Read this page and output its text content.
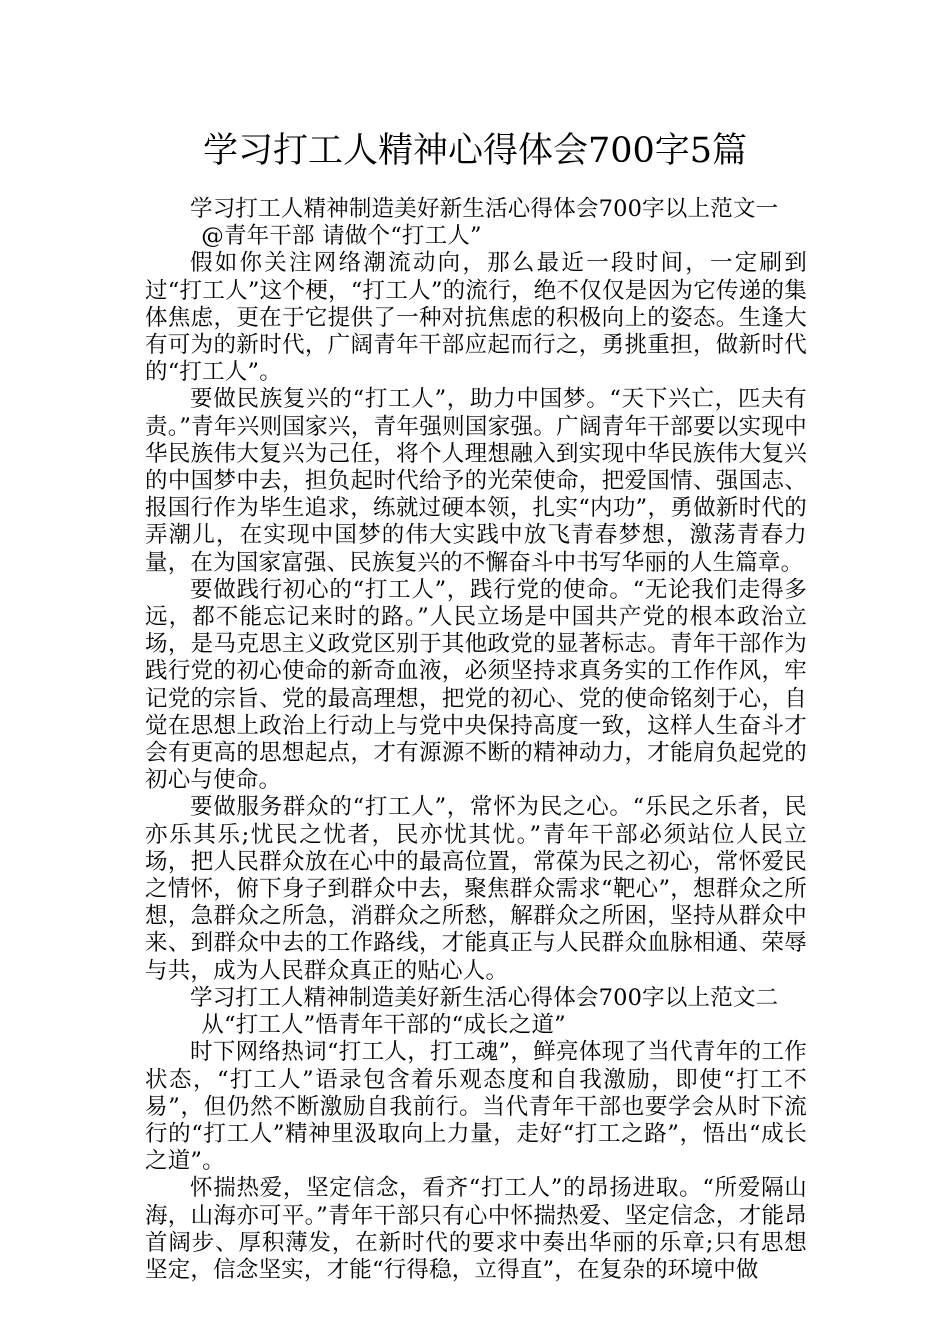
学习打工人精神心得体会700字5篇

学习打工人精神制造美好新生活心得体会700字以上范文一

@青年干部 请做个“打工人”

假如你关注网络潮流动向，那么最近一段时间，一定刷到过“打工人”这个梗，“打工人”的流行，绝不仅仅是因为它传递的集体焦虑，更在于它提供了一种对抗焦虑的积极向上的姿态。生逢大有可为的新时代，广阔青年干部应起而行之，勇挑重担，做新时代的“打工人”。

要做民族复兴的“打工人”，助力中国梦。“天下兴亡，匹夫有责。”青年兴则国家兴，青年强则国家强。广阔青年干部要以实现中华民族伟大复兴为己任，将个人理想融入到实现中华民族伟大复兴的中国梦中去，担负起时代给予的光荣使命，把爱国情、强国志、报国行作为毕生追求，练就过硬本领，扎实“内功”，勇做新时代的弄潮儿，在实现中国梦的伟大实践中放飞青春梦想，激荡青春力量，在为国家富强、民族复兴的不懈奋斗中书写华丽的人生篇章。

要做践行初心的“打工人”，践行党的使命。“无论我们走得多远，都不能忘记来时的路。”人民立场是中国共产党的根本政治立场，是马克思主义政党区别于其他政党的显著标志。青年干部作为践行党的初心使命的新奇血液，必须坚持求真务实的工作作风，牢记党的宗旨、党的最高理想，把党的初心、党的使命铭刻于心，自觉在思想上政治上行动上与党中央保持高度一致，这样人生奋斗才会有更高的思想起点，才有源源不断的精神动力，才能肩负起党的初心与使命。

要做服务群众的“打工人”，常怀为民之心。“乐民之乐者，民亦乐其乐;忧民之忧者，民亦忧其忧。”青年干部必须站位人民立场，把人民群众放在心中的最高位置，常葆为民之初心，常怀爱民之情怀，俯下身子到群众中去，聚焦群众需求“靶心”，想群众之所想，急群众之所急，消群众之所愁，解群众之所困，坚持从群众中来、到群众中去的工作路线，才能真正与人民群众血脉相通、荣辱与共，成为人民群众真正的贴心人。

学习打工人精神制造美好新生活心得体会700字以上范文二

从“打工人”悟青年干部的“成长之道”

时下网络热词“打工人，打工魂”，鲜亮体现了当代青年的工作状态，“打工人”语录包含着乐观态度和自我激励，即使“打工不易”，但仍然不断激励自我前行。当代青年干部也要学会从时下流行的“打工人”精神里汲取向上力量，走好“打工之路”，悟出“成长之道”。

怀揣热爱，坚定信念，看齐“打工人”的昂扬进取。“所爱隔山海，山海亦可平。”青年干部只有心中怀揣热爱、坚定信念，才能昂首阔步、厚积薄发，在新时代的要求中奏出华丽的乐章;只有思想坚定，信念坚实，才能“行得稳，立得直”，在复杂的环境中做
